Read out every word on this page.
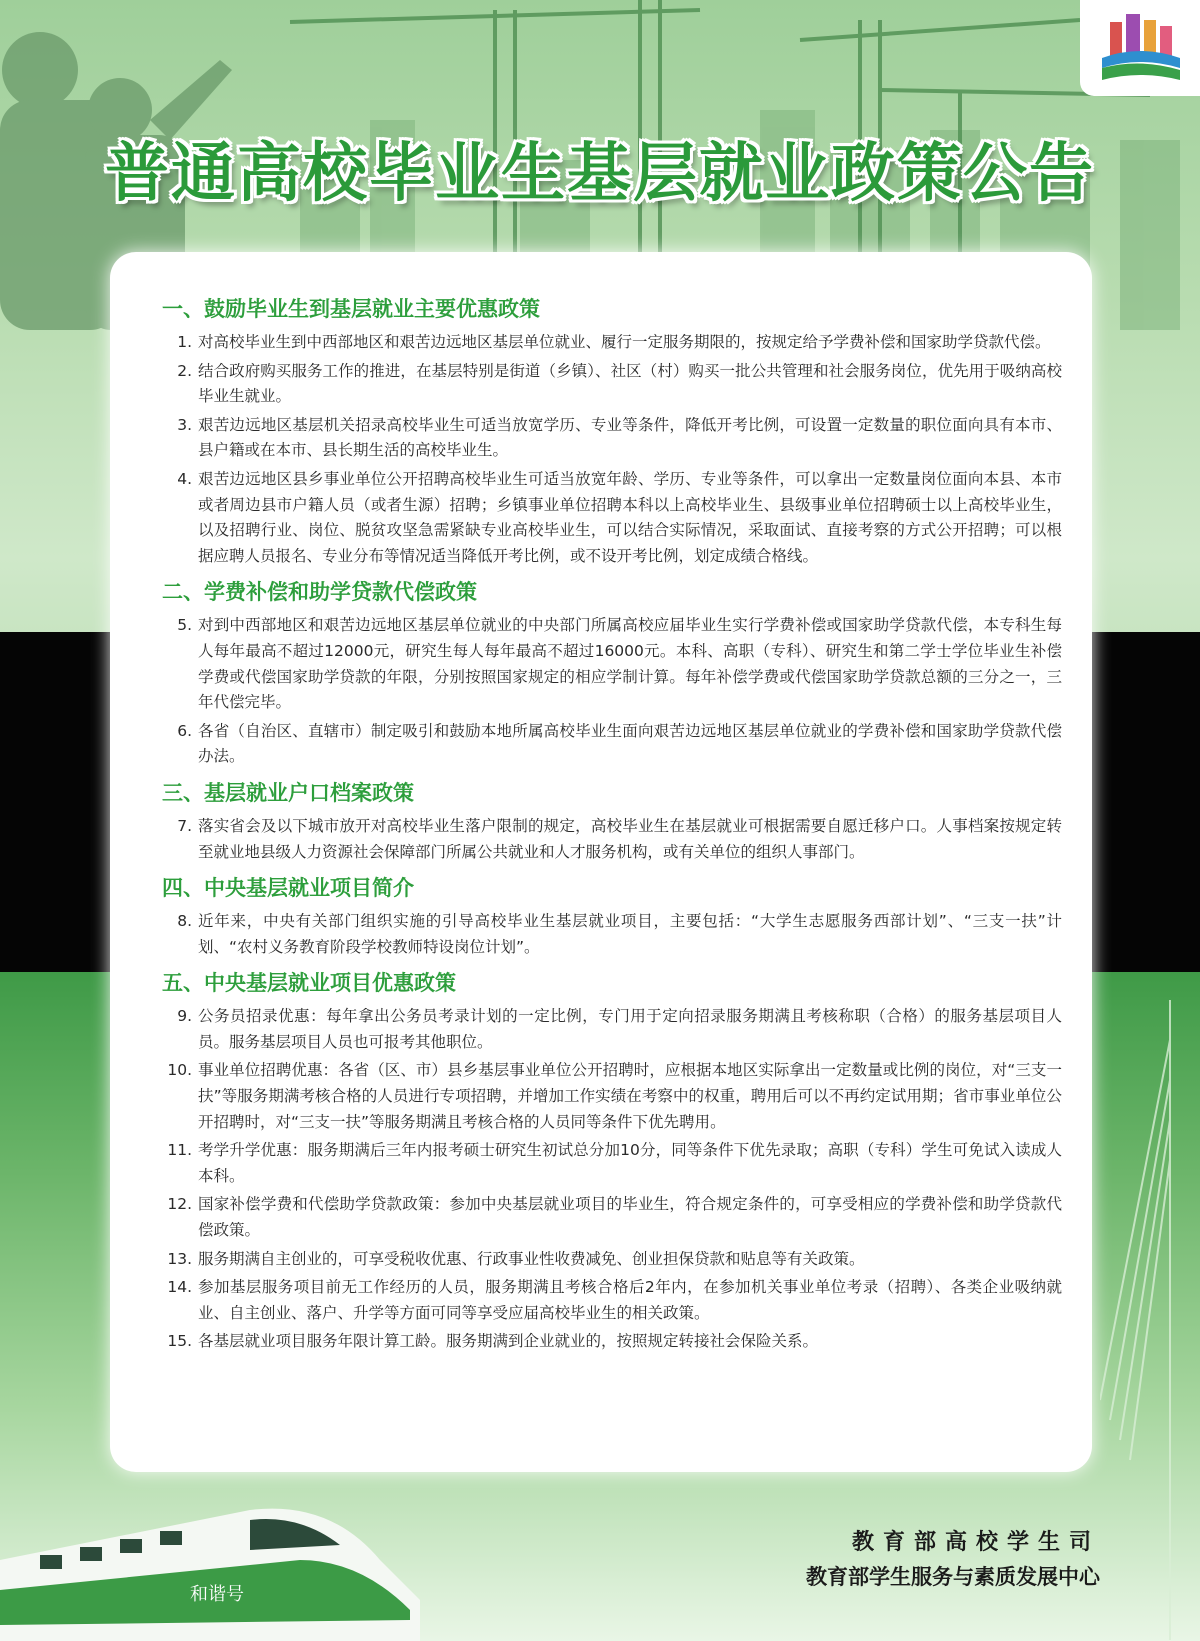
普通高校毕业生基层就业政策公告
一、鼓励毕业生到基层就业主要优惠政策
1. 对高校毕业生到中西部地区和艰苦边远地区基层单位就业、履行一定服务期限的，按规定给予学费补偿和国家助学贷款代偿。
2. 结合政府购买服务工作的推进，在基层特别是街道（乡镇）、社区（村）购买一批公共管理和社会服务岗位，优先用于吸纳高校毕业生就业。
3. 艰苦边远地区基层机关招录高校毕业生可适当放宽学历、专业等条件，降低开考比例，可设置一定数量的职位面向具有本市、县户籍或在本市、县长期生活的高校毕业生。
4. 艰苦边远地区县乡事业单位公开招聘高校毕业生可适当放宽年龄、学历、专业等条件，可以拿出一定数量岗位面向本县、本市或者周边县市户籍人员（或者生源）招聘；乡镇事业单位招聘本科以上高校毕业生、县级事业单位招聘硕士以上高校毕业生，以及招聘行业、岗位、脱贫攻坚急需紧缺专业高校毕业生，可以结合实际情况，采取面试、直接考察的方式公开招聘；可以根据应聘人员报名、专业分布等情况适当降低开考比例，或不设开考比例，划定成绩合格线。
二、学费补偿和助学贷款代偿政策
5. 对到中西部地区和艰苦边远地区基层单位就业的中央部门所属高校应届毕业生实行学费补偿或国家助学贷款代偿，本专科生每人每年最高不超过12000元，研究生每人每年最高不超过16000元。本科、高职（专科）、研究生和第二学士学位毕业生补偿学费或代偿国家助学贷款的年限，分别按照国家规定的相应学制计算。每年补偿学费或代偿国家助学贷款总额的三分之一，三年代偿完毕。
6. 各省（自治区、直辖市）制定吸引和鼓励本地所属高校毕业生面向艰苦边远地区基层单位就业的学费补偿和国家助学贷款代偿办法。
三、基层就业户口档案政策
7. 落实省会及以下城市放开对高校毕业生落户限制的规定，高校毕业生在基层就业可根据需要自愿迁移户口。人事档案按规定转至就业地县级人力资源社会保障部门所属公共就业和人才服务机构，或有关单位的组织人事部门。
四、中央基层就业项目简介
8. 近年来，中央有关部门组织实施的引导高校毕业生基层就业项目，主要包括：“大学生志愿服务西部计划”、“三支一扶”计划、“农村义务教育阶段学校教师特设岗位计划”。
五、中央基层就业项目优惠政策
9. 公务员招录优惠：每年拿出公务员考录计划的一定比例，专门用于定向招录服务期满且考核称职（合格）的服务基层项目人员。服务基层项目人员也可报考其他职位。
10. 事业单位招聘优惠：各省（区、市）县乡基层事业单位公开招聘时，应根据本地区实际拿出一定数量或比例的岗位，对“三支一扶”等服务期满考核合格的人员进行专项招聘，并增加工作实绩在考察中的权重，聘用后可以不再约定试用期；省市事业单位公开招聘时，对“三支一扶”等服务期满且考核合格的人员同等条件下优先聘用。
11. 考学升学优惠：服务期满后三年内报考硕士研究生初试总分加10分，同等条件下优先录取；高职（专科）学生可免试入读成人本科。
12. 国家补偿学费和代偿助学贷款政策：参加中央基层就业项目的毕业生，符合规定条件的，可享受相应的学费补偿和助学贷款代偿政策。
13. 服务期满自主创业的，可享受税收优惠、行政事业性收费减免、创业担保贷款和贴息等有关政策。
14. 参加基层服务项目前无工作经历的人员，服务期满且考核合格后2年内，在参加机关事业单位考录（招聘）、各类企业吸纳就业、自主创业、落户、升学等方面可同等享受应届高校毕业生的相关政策。
15. 各基层就业项目服务年限计算工龄。服务期满到企业就业的，按照规定转接社会保险关系。
和谐号
教育部高校学生司
教育部学生服务与素质发展中心
